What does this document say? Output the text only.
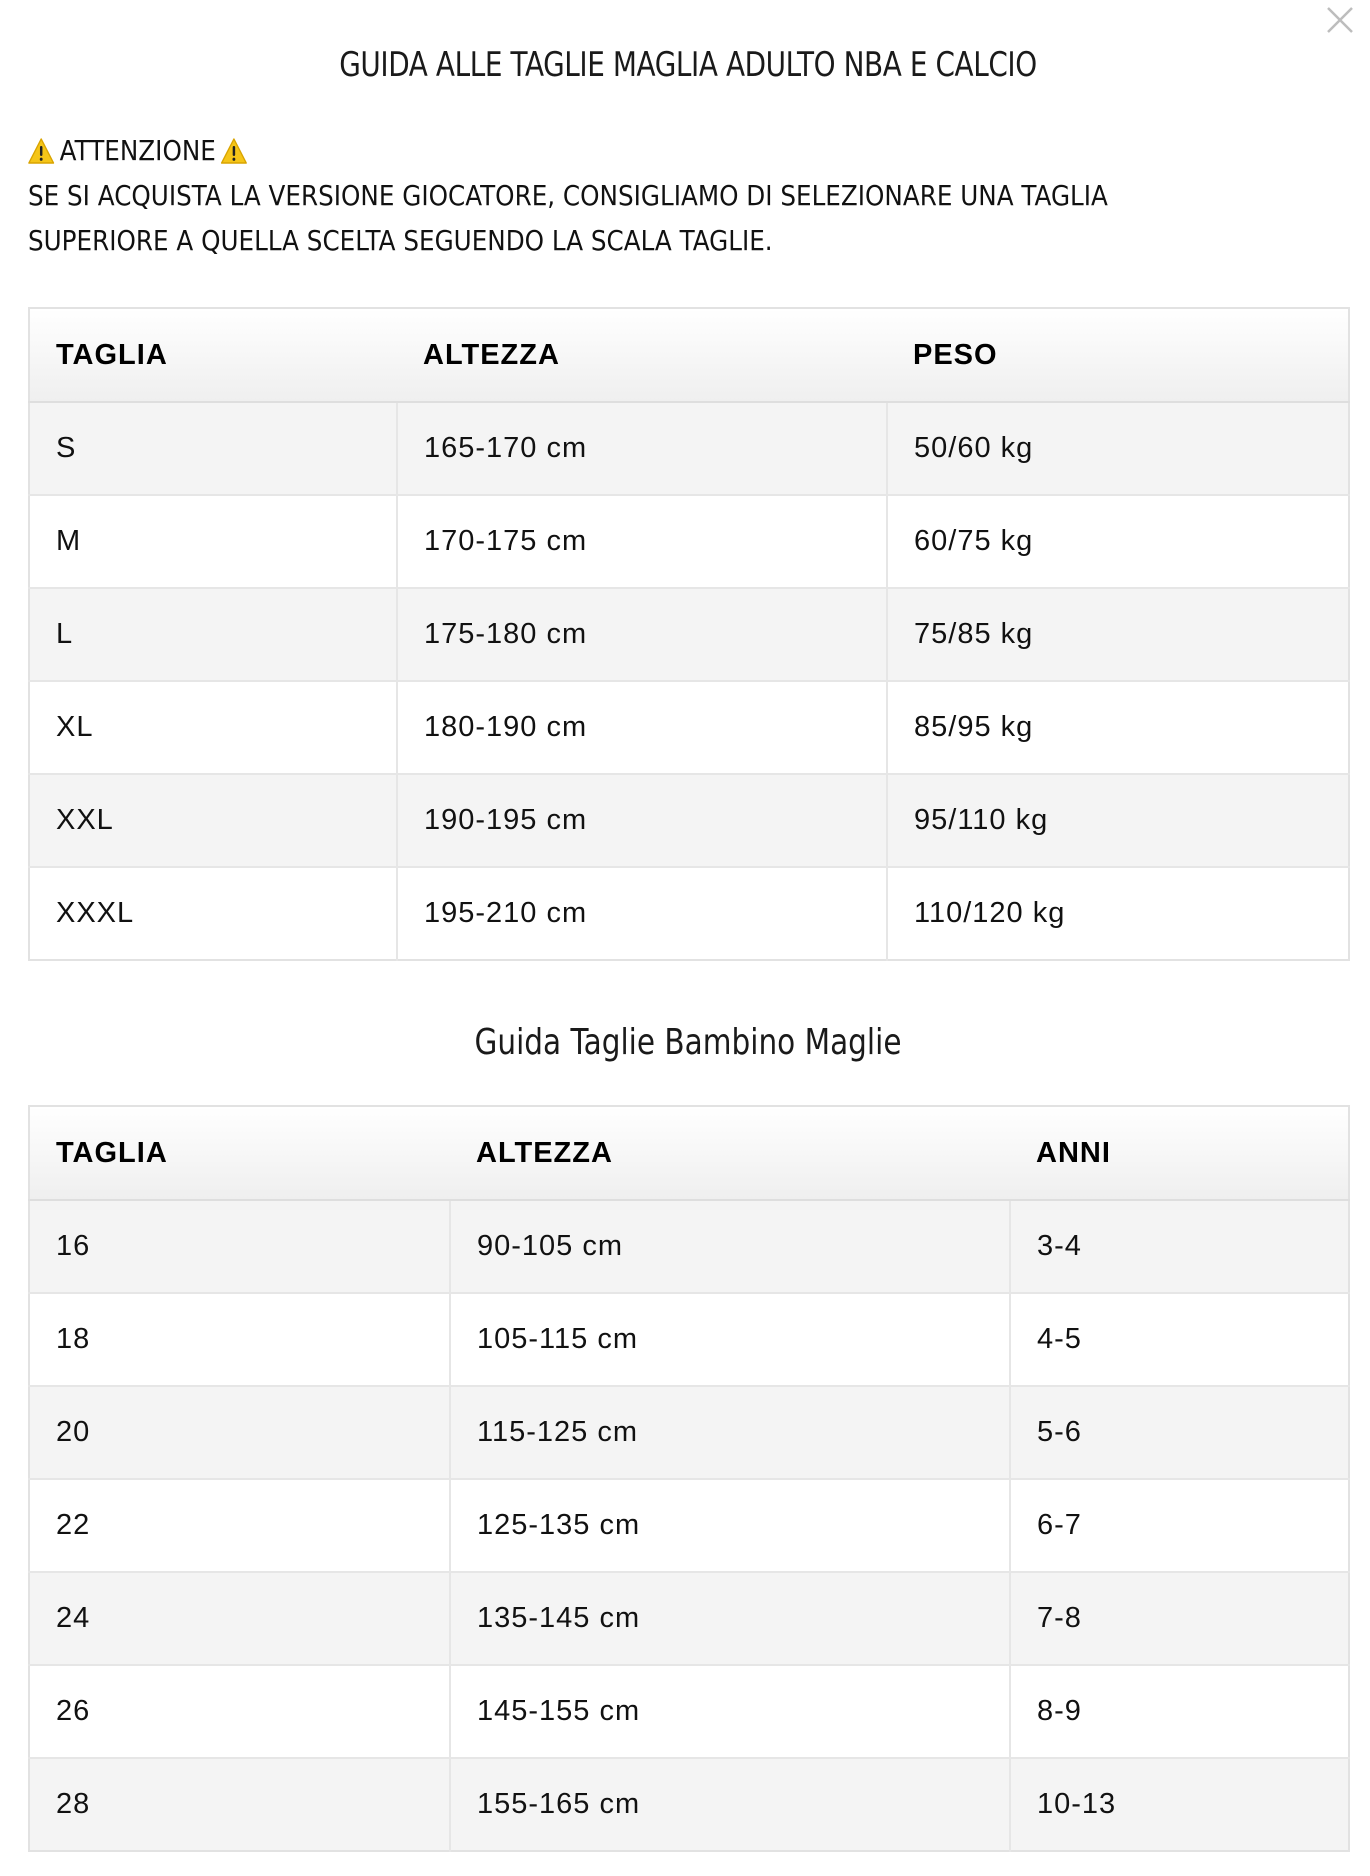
GUIDA ALLE TAGLIE MAGLIA ADULTO NBA E CALCIO
ATTENZIONE
SE SI ACQUISTA LA VERSIONE GIOCATORE, CONSIGLIAMO DI SELEZIONARE UNA TAGLIA
SUPERIORE A QUELLA SCELTA SEGUENDO LA SCALA TAGLIE.
TAGLIA	ALTEZZA	PESO
S	165-170 cm	50/60 kg
M	170-175 cm	60/75 kg
L	175-180 cm	75/85 kg
XL	180-190 cm	85/95 kg
XXL	190-195 cm	95/110 kg
XXXL	195-210 cm	110/120 kg
Guida Taglie Bambino Maglie
TAGLIA	ALTEZZA	ANNI
16	90-105 cm	3-4
18	105-115 cm	4-5
20	115-125 cm	5-6
22	125-135 cm	6-7
24	135-145 cm	7-8
26	145-155 cm	8-9
28	155-165 cm	10-13
